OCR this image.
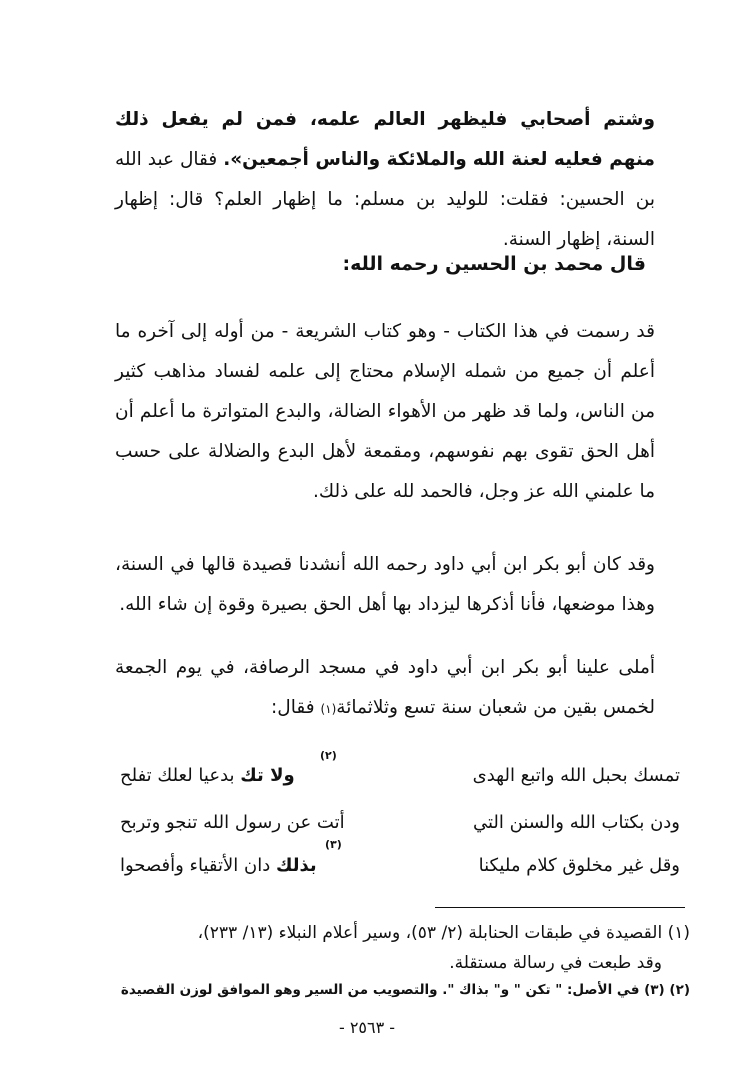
وشتم أصحابي فليظهر العالم علمه، فمن لم يفعل ذلك منهم فعليه لعنة الله والملائكة والناس أجمعين». فقال عبد الله بن الحسين: فقلت: للوليد بن مسلم: ما إظهار العلم؟ قال: إظهار السنة، إظهار السنة.

قال محمد بن الحسين رحمه الله:

قد رسمت في هذا الكتاب - وهو كتاب الشريعة - من أوله إلى آخره ما أعلم أن جميع من شمله الإسلام محتاج إلى علمه لفساد مذاهب كثير من الناس، ولما قد ظهر من الأهواء الضالة، والبدع المتواترة ما أعلم أن أهل الحق تقوى بهم نفوسهم، ومقمعة لأهل البدع والضلالة على حسب ما علمني الله عز وجل، فالحمد لله على ذلك.

وقد كان أبو بكر ابن أبي داود رحمه الله أنشدنا قصيدة قالها في السنة، وهذا موضعها، فأنا أذكرها ليزداد بها أهل الحق بصيرة وقوة إن شاء الله.

أملى علينا أبو بكر ابن أبي داود في مسجد الرصافة، في يوم الجمعة لخمس بقين من شعبان سنة تسع وثلاثمائة(١) فقال:
تمسك بحبل الله واتبع الهدى
ولا تك بدعيا لعلك تفلح
(٢)
ودن بكتاب الله والسنن التي
أتت عن رسول الله تنجو وتربح
وقل غير مخلوق كلام مليكنا
بذلك دان الأتقياء وأفصحوا
(٣)
(١) القصيدة في طبقات الحنابلة (٢/ ٥٣)، وسير أعلام النبلاء (١٣/ ٢٣٣)،
وقد طبعت في رسالة مستقلة.

(٢) (٣) في الأصل: " تكن " و" بذاك ". والتصويب من السير وهو الموافق لوزن القصيدة

- ٢٥٦٣ -
